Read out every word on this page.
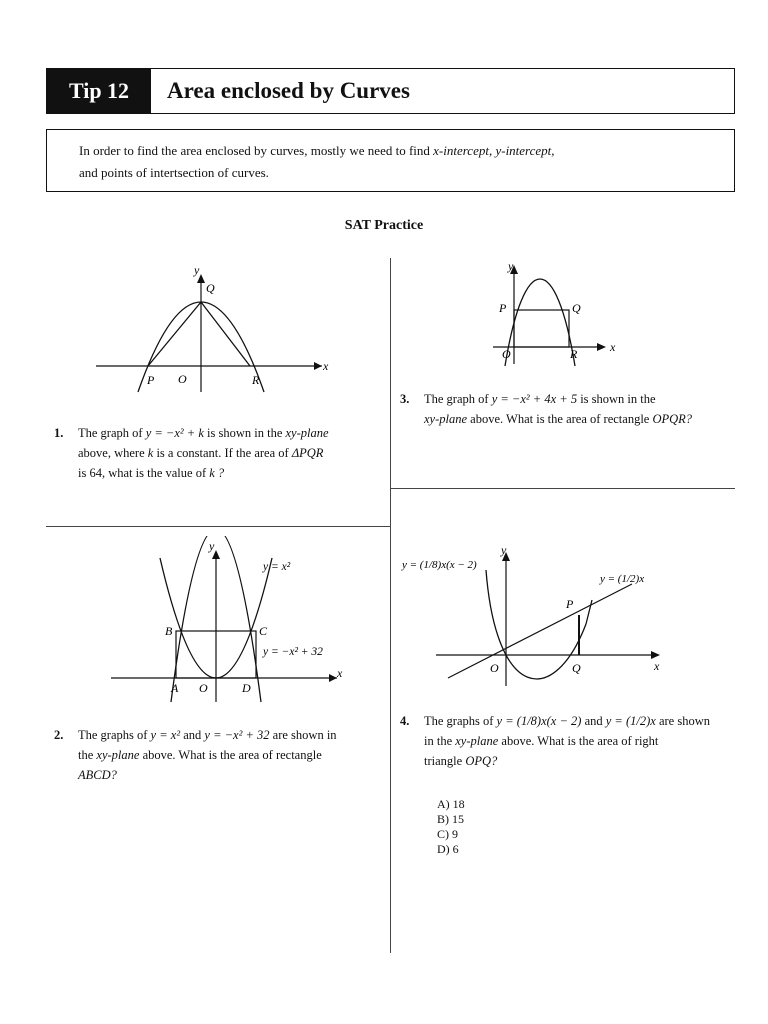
Tip 12	Area enclosed by Curves
In order to find the area enclosed by curves, mostly we need to find x-intercept, y-intercept,
and points of intertsection of curves.
SAT Practice
y
x
Q
P O	R
1. The graph of y = −x² + k is shown in the xy-plane
above, where k is a constant. If the area of ΔPQR
is 64, what is the value of k ?
y
x
P	Q
O	R
3. The graph of y = −x² + 4x + 5 is shown in the
xy-plane above. What is the area of rectangle OPQR?
y
x
y = x²
y = −x² + 32
B	C
A O	D
2. The graphs of y = x² and y = −x² + 32 are shown in
the xy-plane above. What is the area of rectangle
ABCD?
y
x
y = (1/8)x(x − 2)
y = (1/2)x
P
O	Q
4. The graphs of y = (1/8)x(x − 2) and y = (1/2)x are shown
in the xy-plane above. What is the area of right
triangle OPQ?
A) 18
B) 15
C) 9
D) 6
